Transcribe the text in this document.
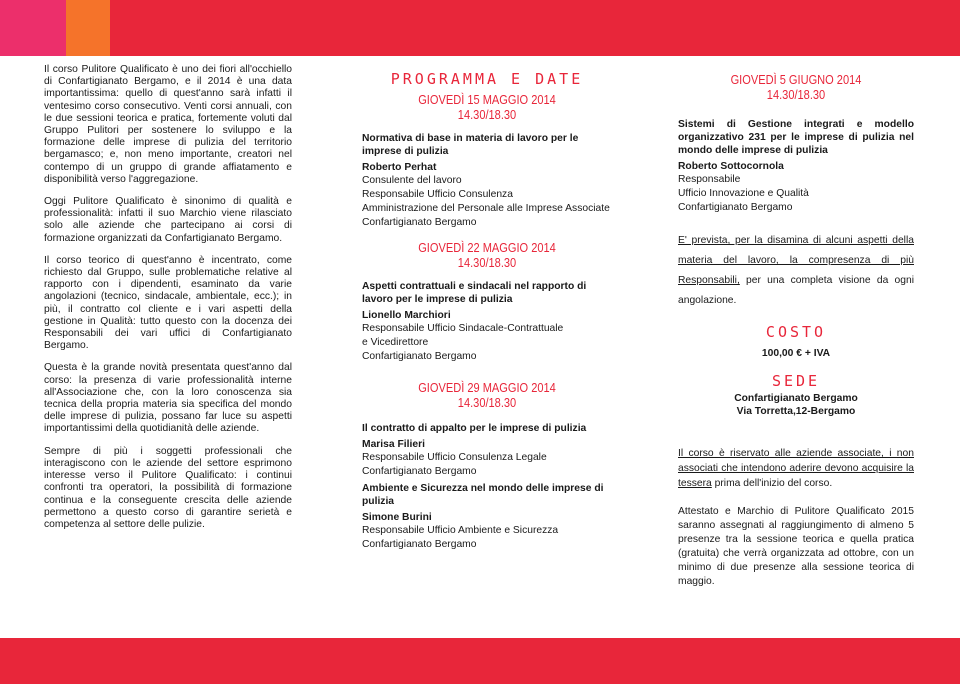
Il corso Pulitore Qualificato è uno dei fiori all'occhiello di Confartigianato Bergamo, e il 2014 è una data importantissima: quello di quest'anno sarà infatti il ventesimo corso consecutivo. Venti corsi annuali, con le due sessioni teorica e pratica, fortemente voluti dal Gruppo Pulitori per sostenere lo sviluppo e la formazione delle imprese di pulizia del territorio bergamasco; e, non meno importante, creatori nel contempo di un gruppo di grande affiatamento e disponibilità verso l'aggregazione.

Oggi Pulitore Qualificato è sinonimo di qualità e professionalità: infatti il suo Marchio viene rilasciato solo alle aziende che partecipano ai corsi di formazione organizzati da Confartigianato Bergamo.

Il corso teorico di quest'anno è incentrato, come richiesto dal Gruppo, sulle problematiche relative al rapporto con i dipendenti, esaminato da varie angolazioni (tecnico, sindacale, ambientale, ecc.); in più, il contratto col cliente e i vari aspetti della gestione in Qualità: tutto questo con la docenza dei Responsabili dei vari uffici di Confartigianato Bergamo.

Questa è la grande novità presentata quest'anno dal corso: la presenza di varie professionalità interne all'Associazione che, con la loro conoscenza sia tecnica della propria materia sia specifica del mondo delle imprese di pulizia, possano far luce su aspetti importantissimi della quotidianità delle aziende.

Sempre di più i soggetti professionali che interagiscono con le aziende del settore esprimono interesse verso il Pulitore Qualificato: i continui confronti tra operatori, la possibilità di formazione continua e la conseguente crescita delle aziende permettono a questo corso di garantire serietà e competenza al settore delle pulizie.

PROGRAMMA E DATE
GIOVEDÌ 15 MAGGIO 2014
14.30/18.30
Normativa di base in materia di lavoro per le imprese di pulizia
Roberto Perhat
Consulente del lavoro
Responsabile Ufficio Consulenza
Amministrazione del Personale alle Imprese Associate
Confartigianato Bergamo
GIOVEDÌ 22 MAGGIO 2014
14.30/18.30
Aspetti contrattuali e sindacali nel rapporto di lavoro per le imprese di pulizia
Lionello Marchiori
Responsabile Ufficio Sindacale-Contrattuale
e Vicedirettore
Confartigianato Bergamo
GIOVEDÌ 29 MAGGIO 2014
14.30/18.30
Il contratto di appalto per le imprese di pulizia
Marisa Filieri
Responsabile Ufficio Consulenza Legale
Confartigianato Bergamo
Ambiente e Sicurezza nel mondo delle imprese di pulizia
Simone Burini
Responsabile Ufficio Ambiente e Sicurezza
Confartigianato Bergamo
GIOVEDÌ 5 GIUGNO 2014
14.30/18.30
Sistemi di Gestione integrati e modello organizzativo 231 per le imprese di pulizia nel mondo delle imprese di pulizia
Roberto Sottocornola
Responsabile
Ufficio Innovazione e Qualità
Confartigianato Bergamo

E' prevista, per la disamina di alcuni aspetti della materia del lavoro, la compresenza di più Responsabili, per una completa visione da ogni angolazione.

COSTO
100,00 € + IVA
SEDE
Confartigianato Bergamo
Via Torretta,12-Bergamo

Il corso è riservato alle aziende associate, i non associati che intendono aderire devono acquisire la tessera prima dell'inizio del corso.

Attestato e Marchio di Pulitore Qualificato 2015 saranno assegnati al raggiungimento di almeno 5 presenze tra la sessione teorica e quella pratica (gratuita) che verrà organizzata ad ottobre, con un minimo di due presenze alla sessione teorica di maggio.
